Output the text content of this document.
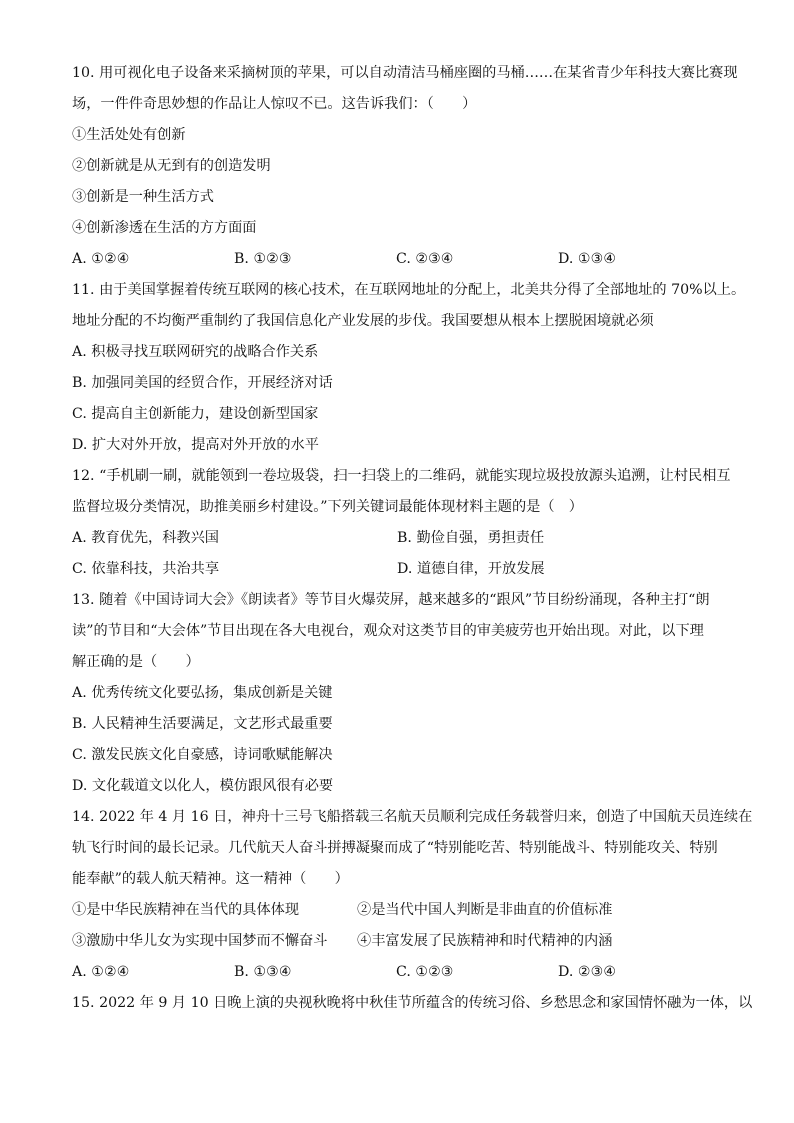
10. 用可视化电子设备来采摘树顶的苹果，可以自动清洁马桶座圈的马桶……在某省青少年科技大赛比赛现
场，一件件奇思妙想的作品让人惊叹不已。这告诉我们：（　　）
①生活处处有创新
②创新就是从无到有的创造发明
③创新是一种生活方式
④创新渗透在生活的方方面面
A. ①②④	B. ①②③	C. ②③④	D. ①③④
11. 由于美国掌握着传统互联网的核心技术，在互联网地址的分配上，北美共分得了全部地址的 70%以上。
地址分配的不均衡严重制约了我国信息化产业发展的步伐。我国要想从根本上摆脱困境就必须
A. 积极寻找互联网研究的战略合作关系
B. 加强同美国的经贸合作，开展经济对话
C. 提高自主创新能力，建设创新型国家
D. 扩大对外开放，提高对外开放的水平
12. “手机刷一刷，就能领到一卷垃圾袋，扫一扫袋上的二维码，就能实现垃圾投放源头追溯，让村民相互
监督垃圾分类情况，助推美丽乡村建设。”下列关键词最能体现材料主题的是（　）
A. 教育优先，科教兴国	B. 勤俭自强，勇担责任
C. 依靠科技，共治共享	D. 道德自律，开放发展
13. 随着《中国诗词大会》《朗读者》等节目火爆荧屏，越来越多的“跟风”节目纷纷涌现，各种主打“朗
读”的节目和“大会体”节目出现在各大电视台，观众对这类节目的审美疲劳也开始出现。对此，以下理
解正确的是（　　）
A. 优秀传统文化要弘扬，集成创新是关键
B. 人民精神生活要满足，文艺形式最重要
C. 激发民族文化自豪感，诗词歌赋能解决
D. 文化载道文以化人，模仿跟风很有必要
14. 2022 年 4 月 16 日，神舟十三号飞船搭载三名航天员顺利完成任务载誉归来，创造了中国航天员连续在
轨飞行时间的最长记录。几代航天人奋斗拼搏凝聚而成了“特别能吃苦、特别能战斗、特别能攻关、特别
能奉献”的载人航天精神。这一精神（　　）
①是中华民族精神在当代的具体体现	②是当代中国人判断是非曲直的价值标准
③激励中华儿女为实现中国梦而不懈奋斗	④丰富发展了民族精神和时代精神的内涵
A. ①②④	B. ①③④	C. ①②③	D. ②③④
15. 2022 年 9 月 10 日晚上演的央视秋晚将中秋佳节所蕴含的传统习俗、乡愁思念和家国情怀融为一体，以
